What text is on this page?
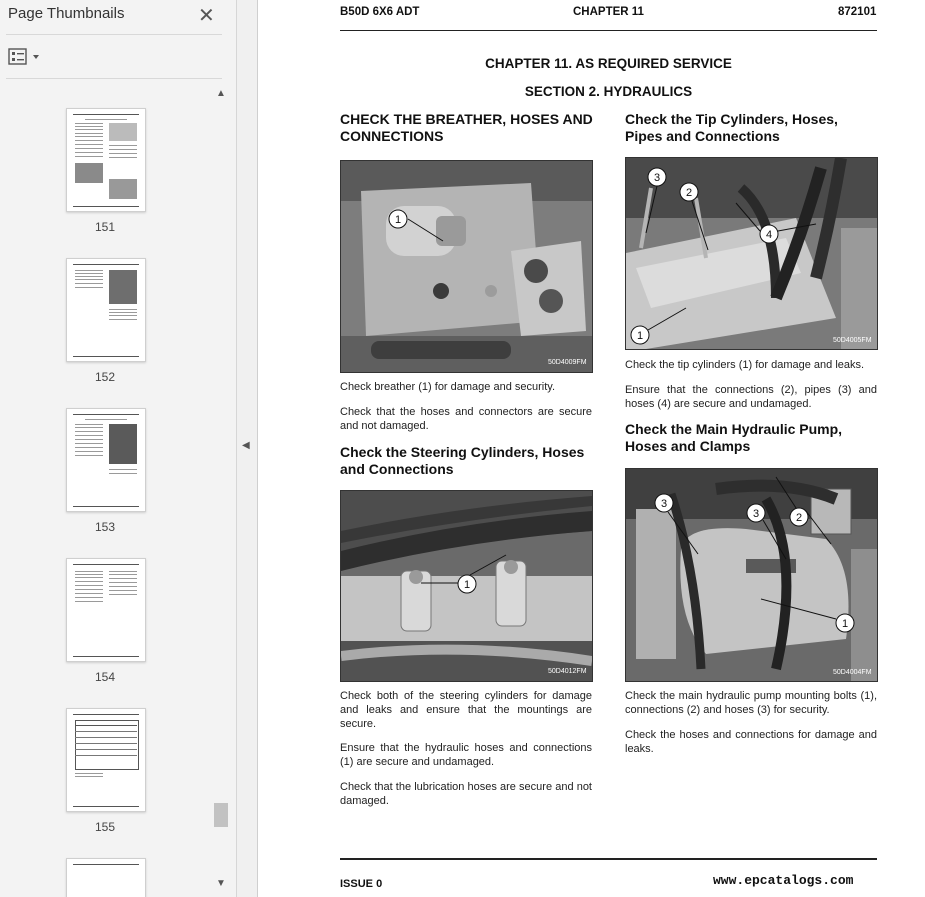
Page Thumbnails	✕
151
152
153
154
155
▲
▼
◀
B50D 6X6 ADT	CHAPTER 11	872101
CHAPTER 11. AS REQUIRED SERVICE
SECTION 2. HYDRAULICS
CHECK THE BREATHER, HOSES AND CONNECTIONS
1
50D4009FM
Check breather (1) for damage and security.
Check that the hoses and connectors are secure and not damaged.
Check the Steering Cylinders, Hoses and Connections
1
50D4012FM
Check both of the steering cylinders for damage and leaks and ensure that the mountings are secure.
Ensure that the hydraulic hoses and connections (1) are secure and undamaged.
Check that the lubrication hoses are secure and not damaged.
Check the Tip Cylinders, Hoses, Pipes and Connections
3
2
4
1	50D4005FM
Check the tip cylinders (1) for damage and leaks.
Ensure that the connections (2), pipes (3) and hoses (4) are secure and undamaged.
Check the Main Hydraulic Pump, Hoses and Clamps
3
3	2
1
50D4004FM
Check the main hydraulic pump mounting bolts (1), connections (2) and hoses (3) for security.
Check the hoses and connections for damage and leaks.
ISSUE 0	www.epcatalogs.com
